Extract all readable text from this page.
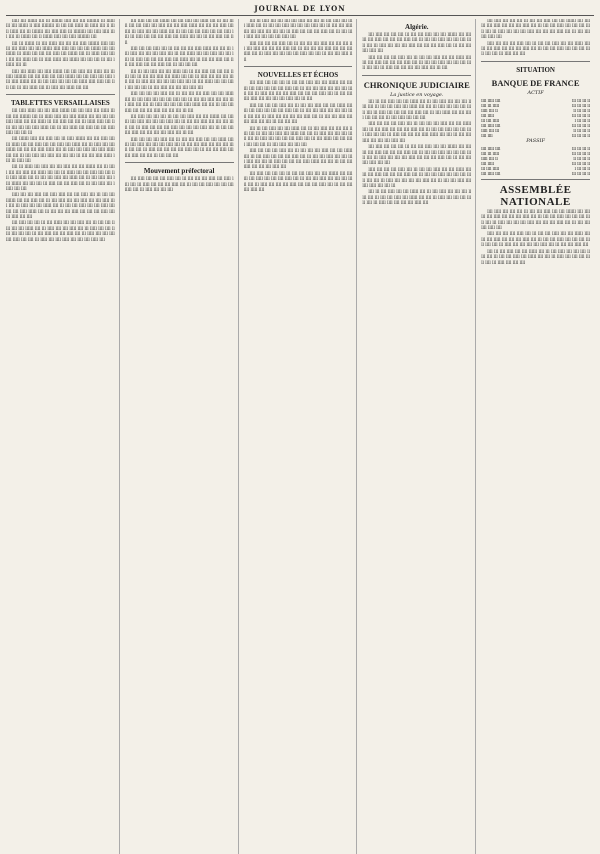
JOURNAL DE LYON

lllll llll lllllll llll lll llllllll lllll llll llll lllllllll lll llllll lll llll lllllll ll lllll lllllllll lll llll llll llllll lll llllll llll ll lllll llllll llll lll llllllll llll lllll lllll lll lllllllll llll lllll lllll llll llll lll lllllll llll ll lllllll lllll llll lllll lllllllll llll

llll lll lllllll lll llll llllll llll llll llll lllll llllllll lllll llll lll llll llllll llll llll lllllll lllll lllll llll llll llll lllllll llll llll lllllll lll llllll llll llll llll lllll llll lllllll llll lll llllll lllll lllll llll llll llllll llll lll lllll llllll llll lllllll llll llll llll lll llll lllllll llll lll

lllll llll llllll llll lllll lllllll llll llll lllll llll llllll llll lll lllll lllllllll llll llll lllll llll lllll lllllll llll llll lllll llll lllll llll lllll lllllll llll lll llll lllll llll llll llll llllll lllll lllll llll llll llll lll llll llllll llll lll lllll llll llllll llll llll

TABLETTES VERSAILLAISES

llll lllll llllll llll llll lllll lllllll llll llll lllll llll llllll lll llll llll llllllll llll lll llllll lllll llll lllll lllllll llll llll llll llll lllll llllll llll llll llllll lll llll lllll llll llll lll llllll lllll llll lllll llll llll llll lllll llllll llll lll llll llllll llll lllll llll llll lllll lllll llll llll lll

llll lllllll lllll llll lllll llll lll lllll lllllll llll llll lllll llll lll llllll llll llll lllll llll llll lllll llll llllll llll lll lllll llll llll lllllll llll llll llll lllll llllll llll lll lllll llll lllll llll lllll llllll llll llll lll llll lllll llll lllll llll llll llll lll llll llll lllll llllll llll lll lllll llll

llll lll llllll llll lllll llll llll lllll llll llll lllllll llll lll lllll llll llll lllll llll llllll llll llll lll llllll llll llll lllll llll llll llll lllll llllll llll lll llll llll lllll llll llllll llll lll llll lllll llll llll lllllll llll llll llll lll lllll llll llll lllll llll lll llll lllll llll llllll llll llll

lllll llll llll lllll llll lllll lllll llll llll lllll llll lll llll llll lllllll llll llll lllll llll lll llll lllll llll llll lllll llll llll lllll llll llll lll lllll llll llll llllll llll lll llll llll lllll llll llll lllll llll llll llll lllll llllll llll lll llll llll llll lllll llll llll llll lllll llll lll lllll llll llll

llll lllll llll llll lll llll llllll llll llll lllll llll lll llll llll lllll llll llll llllll llll lll lllll llll llll lllll llll lll lllll llll llll lllll llll llll llll lll llll lllll llll llll lllll llll lll lllll llll llll llll llll lllll llll llll lll lllll llll llll lllll llll llll llll lllll llll

llll lllll llll llll lllllll llll llll lllll llll llllll llll lll llll lllll llll llll lllll llll lllll llll llll lllll llllll llll llll llll lllll llll llll lll lllll llll llll llllll llll lll llll llll llll lllll llll llll lllll llll lll lllll llll llll llll lllll llll llllll llll llll lll llll lllll llll llll

lllll llll llll lllll llll lll llll llll llll lllll llllll llll llll lll llll lllll llll llll llll lllll llll lll llll llllll llll llll lllll llll llll llll lll lllll llll llll llll lllll llll llllll llll lll llll llll lllll llll llll llll lllll llll llll lllll llll lll llll llll llll

llll lll llll lllll llll llll llllll llll lll llll lllll llll llll llll lllll llll lll llll llll lllll llll llllll llll llll lll lllll llll llll llll lllll llll lll lllll llll llll llll llll lllll llll lll llll llllll llll llll lllll llll llll llll lll llll lllll llll llll llll lllll llll

lllll llll llll llll lllll llll lll llll llll llll lllll llll llll llllll llll lll llll lllll llll llll llll lllll llll lll llll llll lllll llll llll llll lllll llll llll lll lllll llll llll llll lllll llllll llll llll lll llll llll lllll llll llll llll lllll llll llll llll lll llll

llll lllll llll llll llll lll llll llll lllll llll llll lllllll llll llll lll llll lllll llll llll llll lllll llll lll llll llll lllll llll llll llll lllll llll lll lllll llll llll llll lllll llll llll llll lllll llll lll llll llll llll lllll llll llll llll llll lllll llll lll llll

lllll llll llll llll lllll llll lll llll llll lllll llll llll llllll llll lll llll lllll llll llll llll lllll llll lll llll llll lllll llll llll llll lllll llll llll lll lllll llll llll llll llll lllll llll lll llll llll lllll llll llll lllll llll llll lll llll llll llll

Mouvement préfectoral

llll lllll llll llll llll lllll llll lll llll llll llll lllll llll lllll llll llll lll lllll llll llll llll lllll llll lll llll llll lllll llll llll llll lllll llll lll lllll llll llll llll

llll lll lllll llll llll llll llll lllll llll llll lll llll lllll llll llll llllll llll lll llll llll lllll llll llll llll lllll llll lll llll llll lllll llll llll lllll llll llll llll lll lllll llll llll llll lllll llll lll llll llll lllll llll llll llll llll lllll llll

lllll llll llll llll lllll llll lll llll llll llll lllll llll llll llll lll llll lllll llll llll llll lllll llll lll llll llll llll lllll llll llll llll lllll llll lll lllll llll llll llll llll lllll llll llll lll llll llll lllll llll

NOUVELLES ET ÉCHOS

llll lllll llll llll llll lll llll llll lllll llll llll lllllll llll llll lll llll lllll llll llll llll lllll llll lll llll llll lllll llll llll llll lllll llll lll lllll llll llll llll lllll llll llll llll lllll llll lll llll llll llll lllll llll llll llll llll lllll llll lll llll

lllll llll llll llll lllll llll lll llll llll lllll llll llll llllll llll lll llll lllll llll llll llll lllll llll lll llll llll lllll llll llll llll lllll llll llll lll lllll llll llll llll llll lllll llll lll llll llll lllll llll llll lllll llll llll lll llll llll llll

llll lll llll lllll llll llll llllll llll lll llll lllll llll llll llll lllll llll lll llll llll lllll llll llllll llll llll lll lllll llll llll llll lllll llll lll lllll llll llll llll llll lllll llll lll llll llllll llll llll lllll llll llll llll lll llll lllll llll llll llll

lllll llll llll llll lllll llll lll llll llll llll lllll llll llll llllll llll lll llll lllll llll llll llll lllll llll lll llll llll lllll llll llll llll lllll llll llll lll lllll llll llll llll lllll llllll llll llll lll llll llll lllll llll llll llll lllll llll

llll lllll llll llll llll lll llll llll lllll llll llll lllllll llll llll lll llll lllll llll llll llll lllll llll lll llll llll lllll llll llll llll lllll llll lll lllll llll llll llll lllll llll llll llll lllll llll lll llll llll llll lllll llll

Algérie.

llll lllll llll llll llll lll llll llll lllll llll llll lllllll llll llll lll llll lllll llll llll llll lllll llll lll llll llll lllll llll llll llll lllll llll lll lllll llll llll llll lllll llll llll llll lllll llll lll llll llll llll lllll llll

lllll llll llll llll lllll llll lll llll llll lllll llll llll llllll llll lll llll lllll llll llll llll lllll llll lll llll llll lllll llll llll llll lllll llll llll lll lllll llll llll llll llll lllll llll lll llll

CHRONIQUE JUDICIAIRE
La justice en voyage.

llll lll llll lllll llll llll llllll llll lll llll lllll llll llll llll lllll llll lll llll llll lllll llll llllll llll llll lll lllll llll llll llll lllll llll lll lllll llll llll llll llll lllll llll lll llll llllll llll llll lllll llll llll llll lll llll lllll llll llll llll

lllll llll llll llll lllll llll lll llll llll llll lllll llll llll llllll llll lll llll lllll llll llll llll lllll llll lll llll llll lllll llll llll llll lllll llll llll lll lllll llll llll llll lllll llllll llll llll lll llll llll lllll llll llll llll lllll llll

llll lllll llll llll llll lll llll llll lllll llll llll lllllll llll llll lll llll lllll llll llll llll lllll llll lll llll llll lllll llll llll llll lllll llll lll lllll llll llll llll lllll llll llll llll lllll llll lll llll llll llll lllll llll llll

lllll llll llll llll lllll llll lll llll llll lllll llll llll llllll llll lll llll lllll llll llll llll lllll llll lll llll llll lllll llll llll llll lllll llll llll lll lllll llll llll llll llll lllll llll lll llll llll lllll llll llll lllll llll llll lll

llll lll llll lllll llll llll llllll llll lll llll lllll llll llll llll lllll llll lll llll llll lllll llll llllll llll llll lll lllll llll llll llll lllll llll lll lllll llll llll llll llll lllll llll

llll lllll llll llll llll lll llll llll lllll llll llll lllllll llll llll lll llll lllll llll llll llll lllll llll lll llll llll lllll llll llll llll lllll llll lll lllll llll llll llll lllll llll llll llll lllll llll lll llll llll llll lllll llll

lllll llll llll llll lllll llll lll llll llll lllll llll llll llllll llll lll llll lllll llll llll llll lllll llll lll llll llll lllll llll llll llll lllll llll llll lll lllll llll llll

SITUATION
BANQUE DE FRANCE
ACTIF
llll lllll llll	lll lll lll ll
llll lll lllll	lll lll lll ll
lllll llll ll	ll lll lll ll
llll lllll	lll lll lll ll
lll llll lllll	l lll lll ll
llll lllll llll	lll lll lll ll
lllll llll lll	ll lll lll ll
llll llll	lll lll lll ll
PASSIF
llll lllll llll	lll lll lll ll
llll lll lllll	lll lll lll ll
lllll llll ll	ll lll lll ll
llll lllll	lll lll lll ll
lll llll lllll	l lll lll ll
llll lllll llll	lll lll lll ll
ASSEMBLÉE NATIONALE

llll lllll llll llll llll lll llll llll lllll llll llll lllllll llll llll lll llll lllll llll llll llll lllll llll lll llll llll lllll llll llll llll lllll llll lll lllll llll llll llll lllll llll llll llll lllll llll lll llll llll llll lllll llll

lllll llll llll llll lllll llll lll llll llll lllll llll llll llllll llll lll llll lllll llll llll llll lllll llll lll llll llll lllll llll llll llll lllll llll llll lll lllll llll llll llll llll lllll llll lll llll llll lllll llll

llll lll llll lllll llll llll llllll llll lll llll lllll llll llll llll lllll llll lll llll llll lllll llll llllll llll llll lll lllll llll llll llll lllll llll lll lllll llll llll llll
